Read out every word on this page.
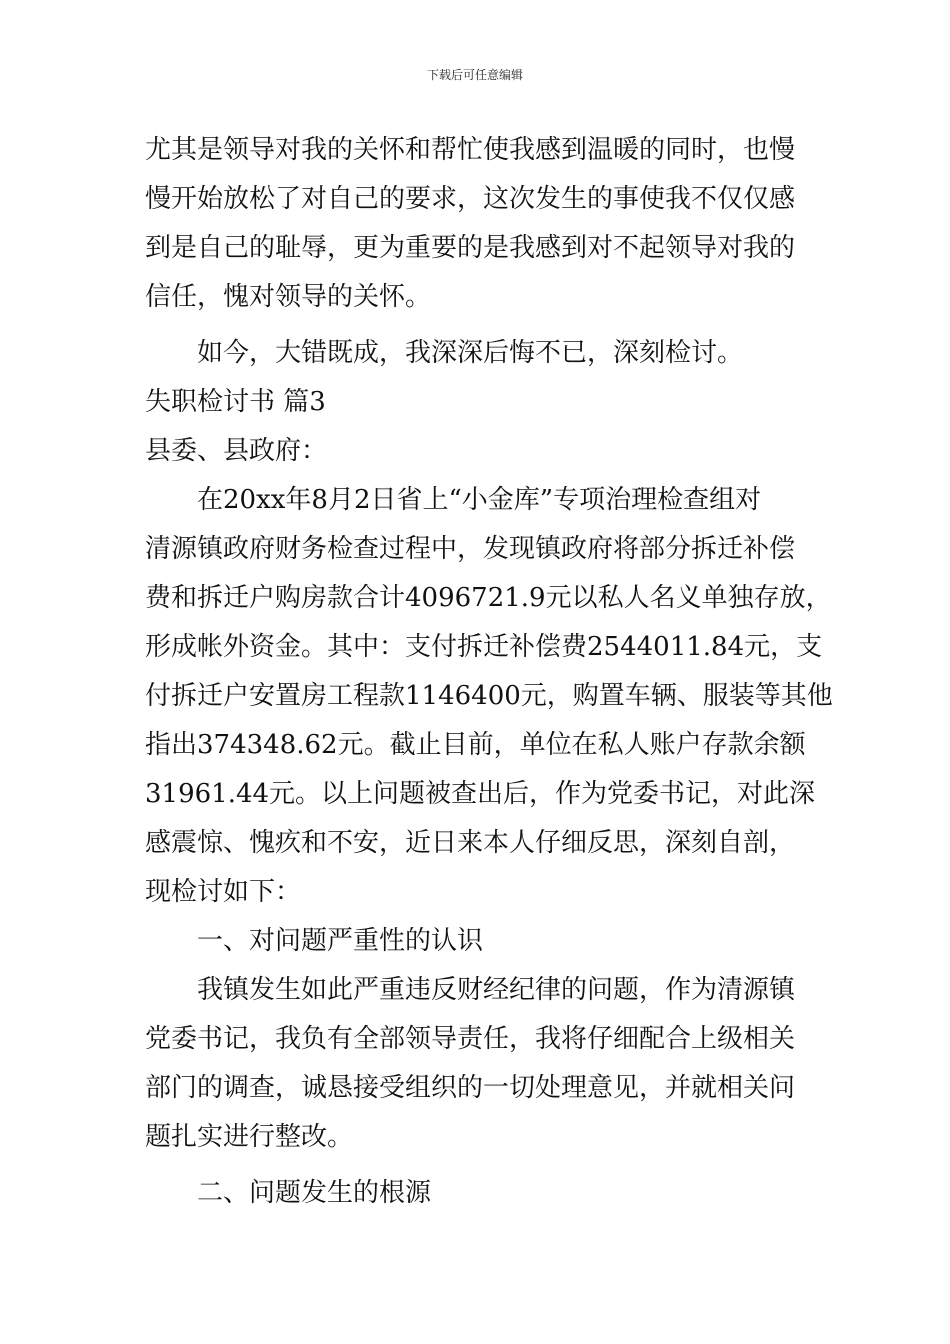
下载后可任意编辑
尤其是领导对我的关怀和帮忙使我感到温暖的同时，也慢
慢开始放松了对自己的要求，这次发生的事使我不仅仅感
到是自己的耻辱，更为重要的是我感到对不起领导对我的
信任，愧对领导的关怀。
如今，大错既成，我深深后悔不已，深刻检讨。
失职检讨书 篇3
县委、县政府：
在20xx年8月2日省上“小金库”专项治理检查组对
清源镇政府财务检查过程中，发现镇政府将部分拆迁补偿
费和拆迁户购房款合计4096721.9元以私人名义单独存放，
形成帐外资金。其中：支付拆迁补偿费2544011.84元，支
付拆迁户安置房工程款1146400元，购置车辆、服装等其他
指出374348.62元。截止目前，单位在私人账户存款余额
31961.44元。以上问题被查出后，作为党委书记，对此深
感震惊、愧疚和不安，近日来本人仔细反思，深刻自剖，
现检讨如下：
一、对问题严重性的认识
我镇发生如此严重违反财经纪律的问题，作为清源镇
党委书记，我负有全部领导责任，我将仔细配合上级相关
部门的调查，诚恳接受组织的一切处理意见，并就相关问
题扎实进行整改。
二、问题发生的根源
